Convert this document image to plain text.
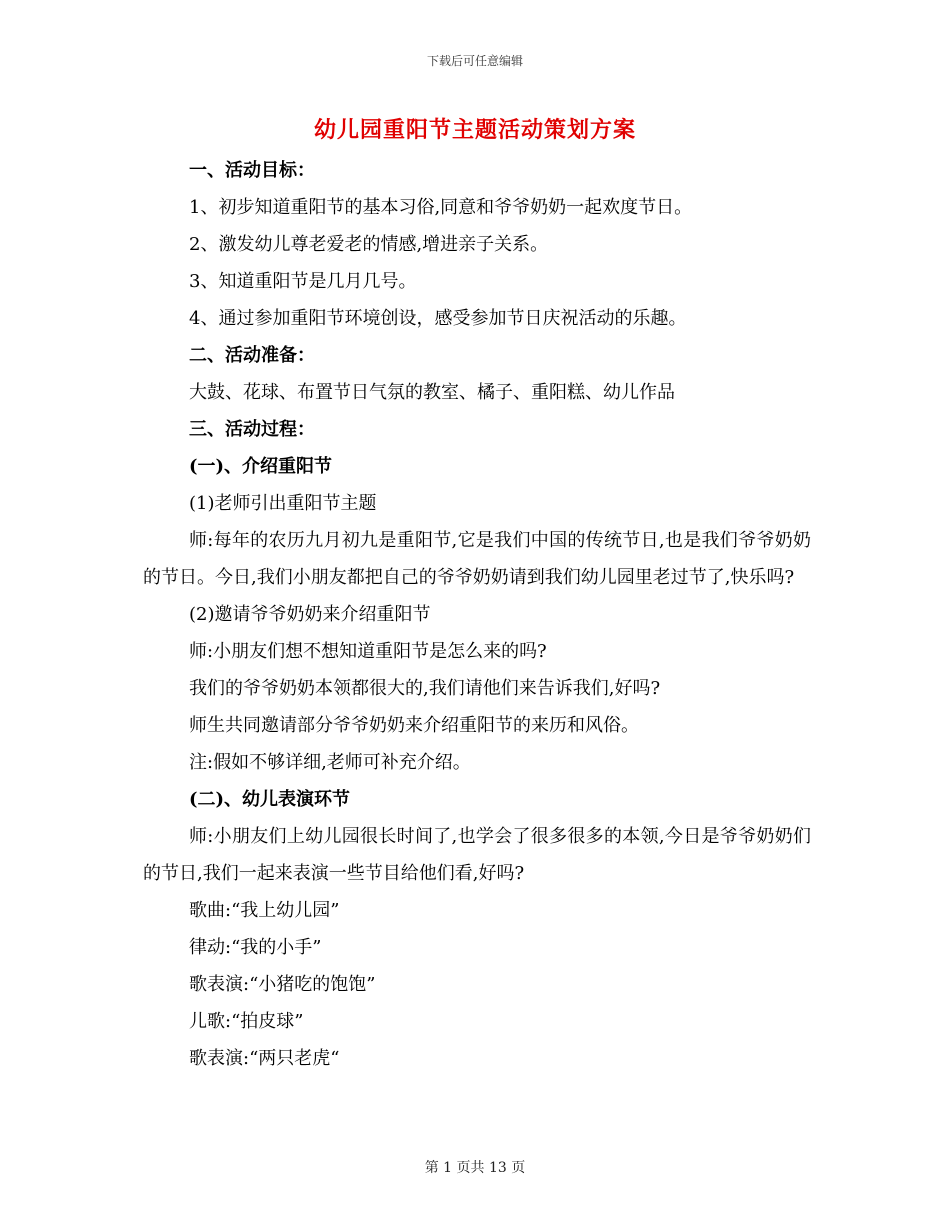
下载后可任意编辑
幼儿园重阳节主题活动策划方案

一、活动目标：

1、初步知道重阳节的基本习俗,同意和爷爷奶奶一起欢度节日。

2、激发幼儿尊老爱老的情感,增进亲子关系。

3、知道重阳节是几月几号。

4、通过参加重阳节环境创设，感受参加节日庆祝活动的乐趣。

二、活动准备：

大鼓、花球、布置节日气氛的教室、橘子、重阳糕、幼儿作品

三、活动过程：

(一)、介绍重阳节

(1)老师引出重阳节主题

师:每年的农历九月初九是重阳节,它是我们中国的传统节日,也是我们爷爷奶奶的节日。今日,我们小朋友都把自己的爷爷奶奶请到我们幼儿园里老过节了,快乐吗?

(2)邀请爷爷奶奶来介绍重阳节

师:小朋友们想不想知道重阳节是怎么来的吗?

我们的爷爷奶奶本领都很大的,我们请他们来告诉我们,好吗?

师生共同邀请部分爷爷奶奶来介绍重阳节的来历和风俗。

注:假如不够详细,老师可补充介绍。

(二)、幼儿表演环节

师:小朋友们上幼儿园很长时间了,也学会了很多很多的本领,今日是爷爷奶奶们的节日,我们一起来表演一些节目给他们看,好吗?

歌曲:“我上幼儿园”

律动:“我的小手”

歌表演:“小猪吃的饱饱”

儿歌:“拍皮球”

歌表演:“两只老虎“

第 1 页共 13 页
